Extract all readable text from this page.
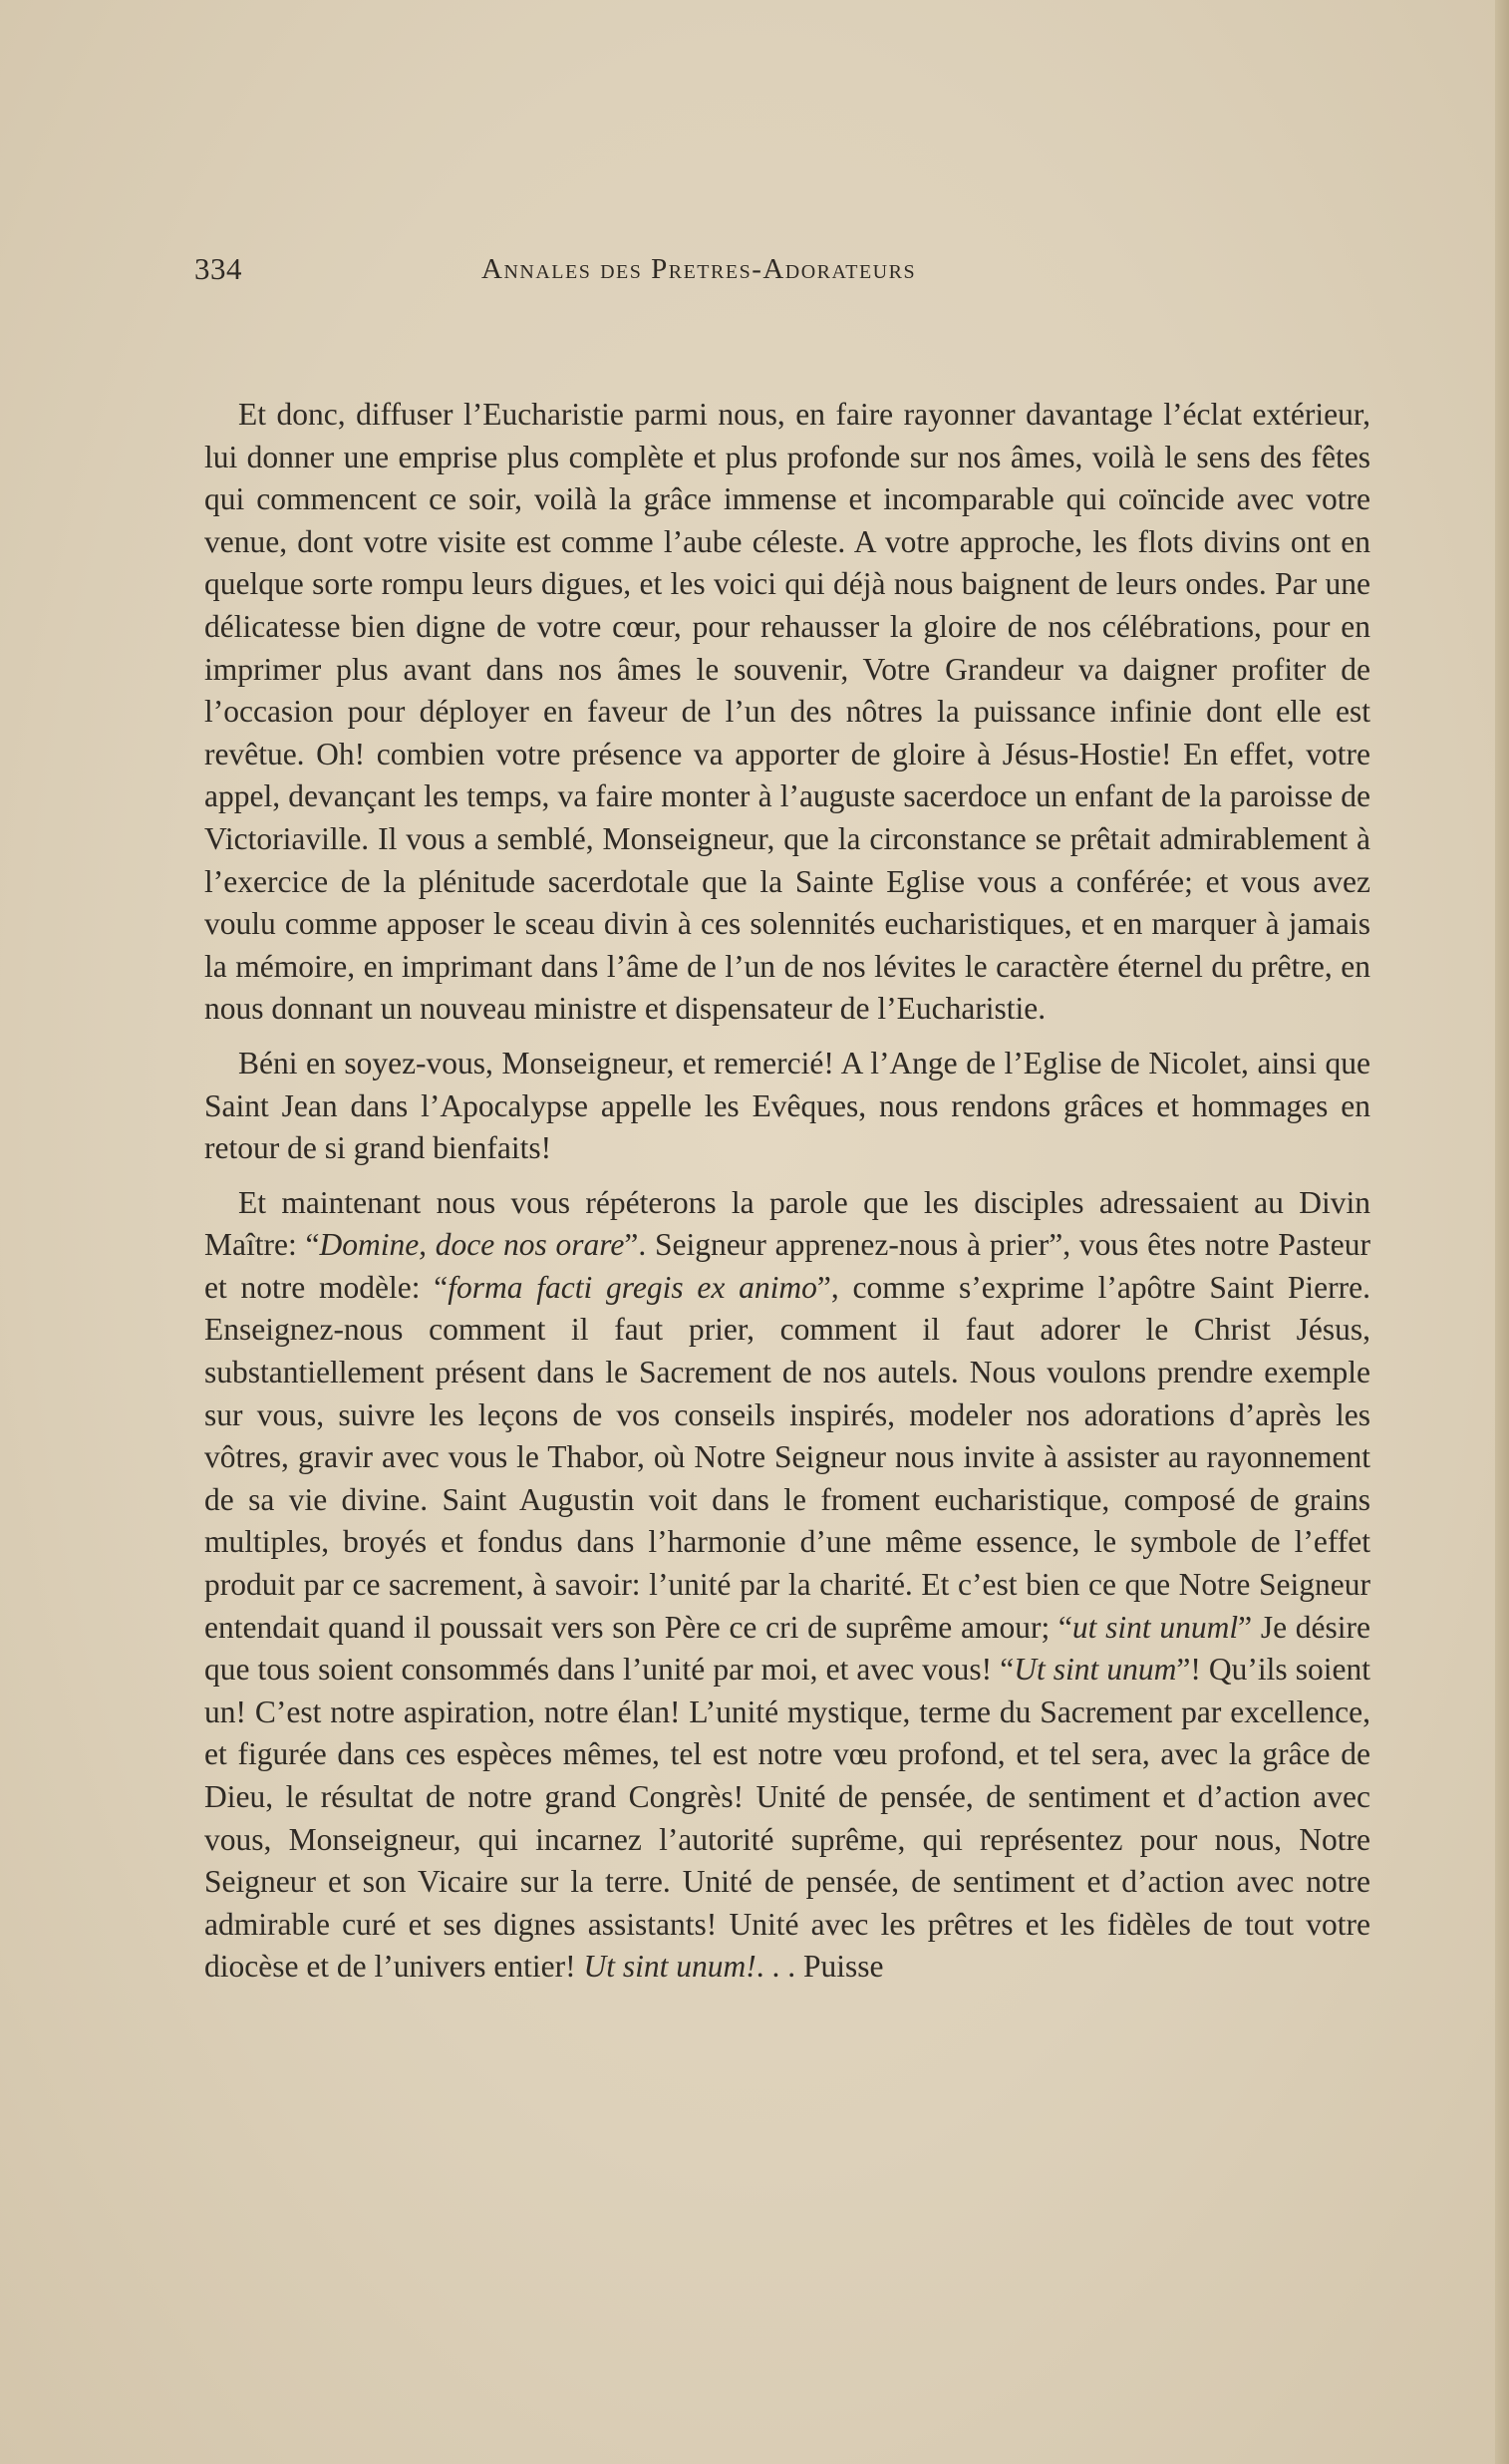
334	Annales des Pretres-Adorateurs

Et donc, diffuser l’Eucharistie parmi nous, en faire rayonner davantage l’éclat extérieur, lui donner une emprise plus complète et plus profonde sur nos âmes, voilà le sens des fêtes qui commencent ce soir, voilà la grâce immense et incomparable qui coïncide avec votre venue, dont votre visite est comme l’aube céleste. A votre approche, les flots divins ont en quelque sorte rompu leurs digues, et les voici qui déjà nous baignent de leurs ondes. Par une délicatesse bien digne de votre cœur, pour rehausser la gloire de nos célébrations, pour en imprimer plus avant dans nos âmes le souvenir, Votre Grandeur va daigner profiter de l’occasion pour déployer en faveur de l’un des nôtres la puissance infinie dont elle est revêtue. Oh! combien votre présence va apporter de gloire à Jésus-Hostie! En effet, votre appel, devançant les temps, va faire monter à l’auguste sacerdoce un enfant de la paroisse de Victoriaville. Il vous a semblé, Monseigneur, que la circonstance se prêtait admirablement à l’exercice de la plénitude sacerdotale que la Sainte Eglise vous a conférée; et vous avez voulu comme apposer le sceau divin à ces solennités eucharistiques, et en marquer à jamais la mémoire, en imprimant dans l’âme de l’un de nos lévites le caractère éternel du prêtre, en nous donnant un nouveau ministre et dispensateur de l’Eucharistie.

Béni en soyez-vous, Monseigneur, et remercié! A l’Ange de l’Eglise de Nicolet, ainsi que Saint Jean dans l’Apocalypse appelle les Evêques, nous rendons grâces et hommages en retour de si grand bienfaits!

Et maintenant nous vous répéterons la parole que les disciples adressaient au Divin Maître: “Domine, doce nos orare”. Seigneur apprenez-nous à prier”, vous êtes notre Pasteur et notre modèle: “forma facti gregis ex animo”, comme s’exprime l’apôtre Saint Pierre. Enseignez-nous comment il faut prier, comment il faut adorer le Christ Jésus, substantiellement présent dans le Sacrement de nos autels. Nous voulons prendre exemple sur vous, suivre les leçons de vos conseils inspirés, modeler nos adorations d’après les vôtres, gravir avec vous le Thabor, où Notre Seigneur nous invite à assister au rayonnement de sa vie divine. Saint Augustin voit dans le froment eucharistique, composé de grains multiples, broyés et fondus dans l’harmonie d’une même essence, le symbole de l’effet produit par ce sacrement, à savoir: l’unité par la charité. Et c’est bien ce que Notre Seigneur entendait quand il poussait vers son Père ce cri de suprême amour; “ut sint unuml” Je désire que tous soient consommés dans l’unité par moi, et avec vous! “Ut sint unum”! Qu’ils soient un! C’est notre aspiration, notre élan! L’unité mystique, terme du Sacrement par excellence, et figurée dans ces espèces mêmes, tel est notre vœu profond, et tel sera, avec la grâce de Dieu, le résultat de notre grand Congrès! Unité de pensée, de sentiment et d’action avec vous, Monseigneur, qui incarnez l’autorité suprême, qui représentez pour nous, Notre Seigneur et son Vicaire sur la terre. Unité de pensée, de sentiment et d’action avec notre admirable curé et ses dignes assistants! Unité avec les prêtres et les fidèles de tout votre diocèse et de l’univers entier! Ut sint unum!. . . Puisse
